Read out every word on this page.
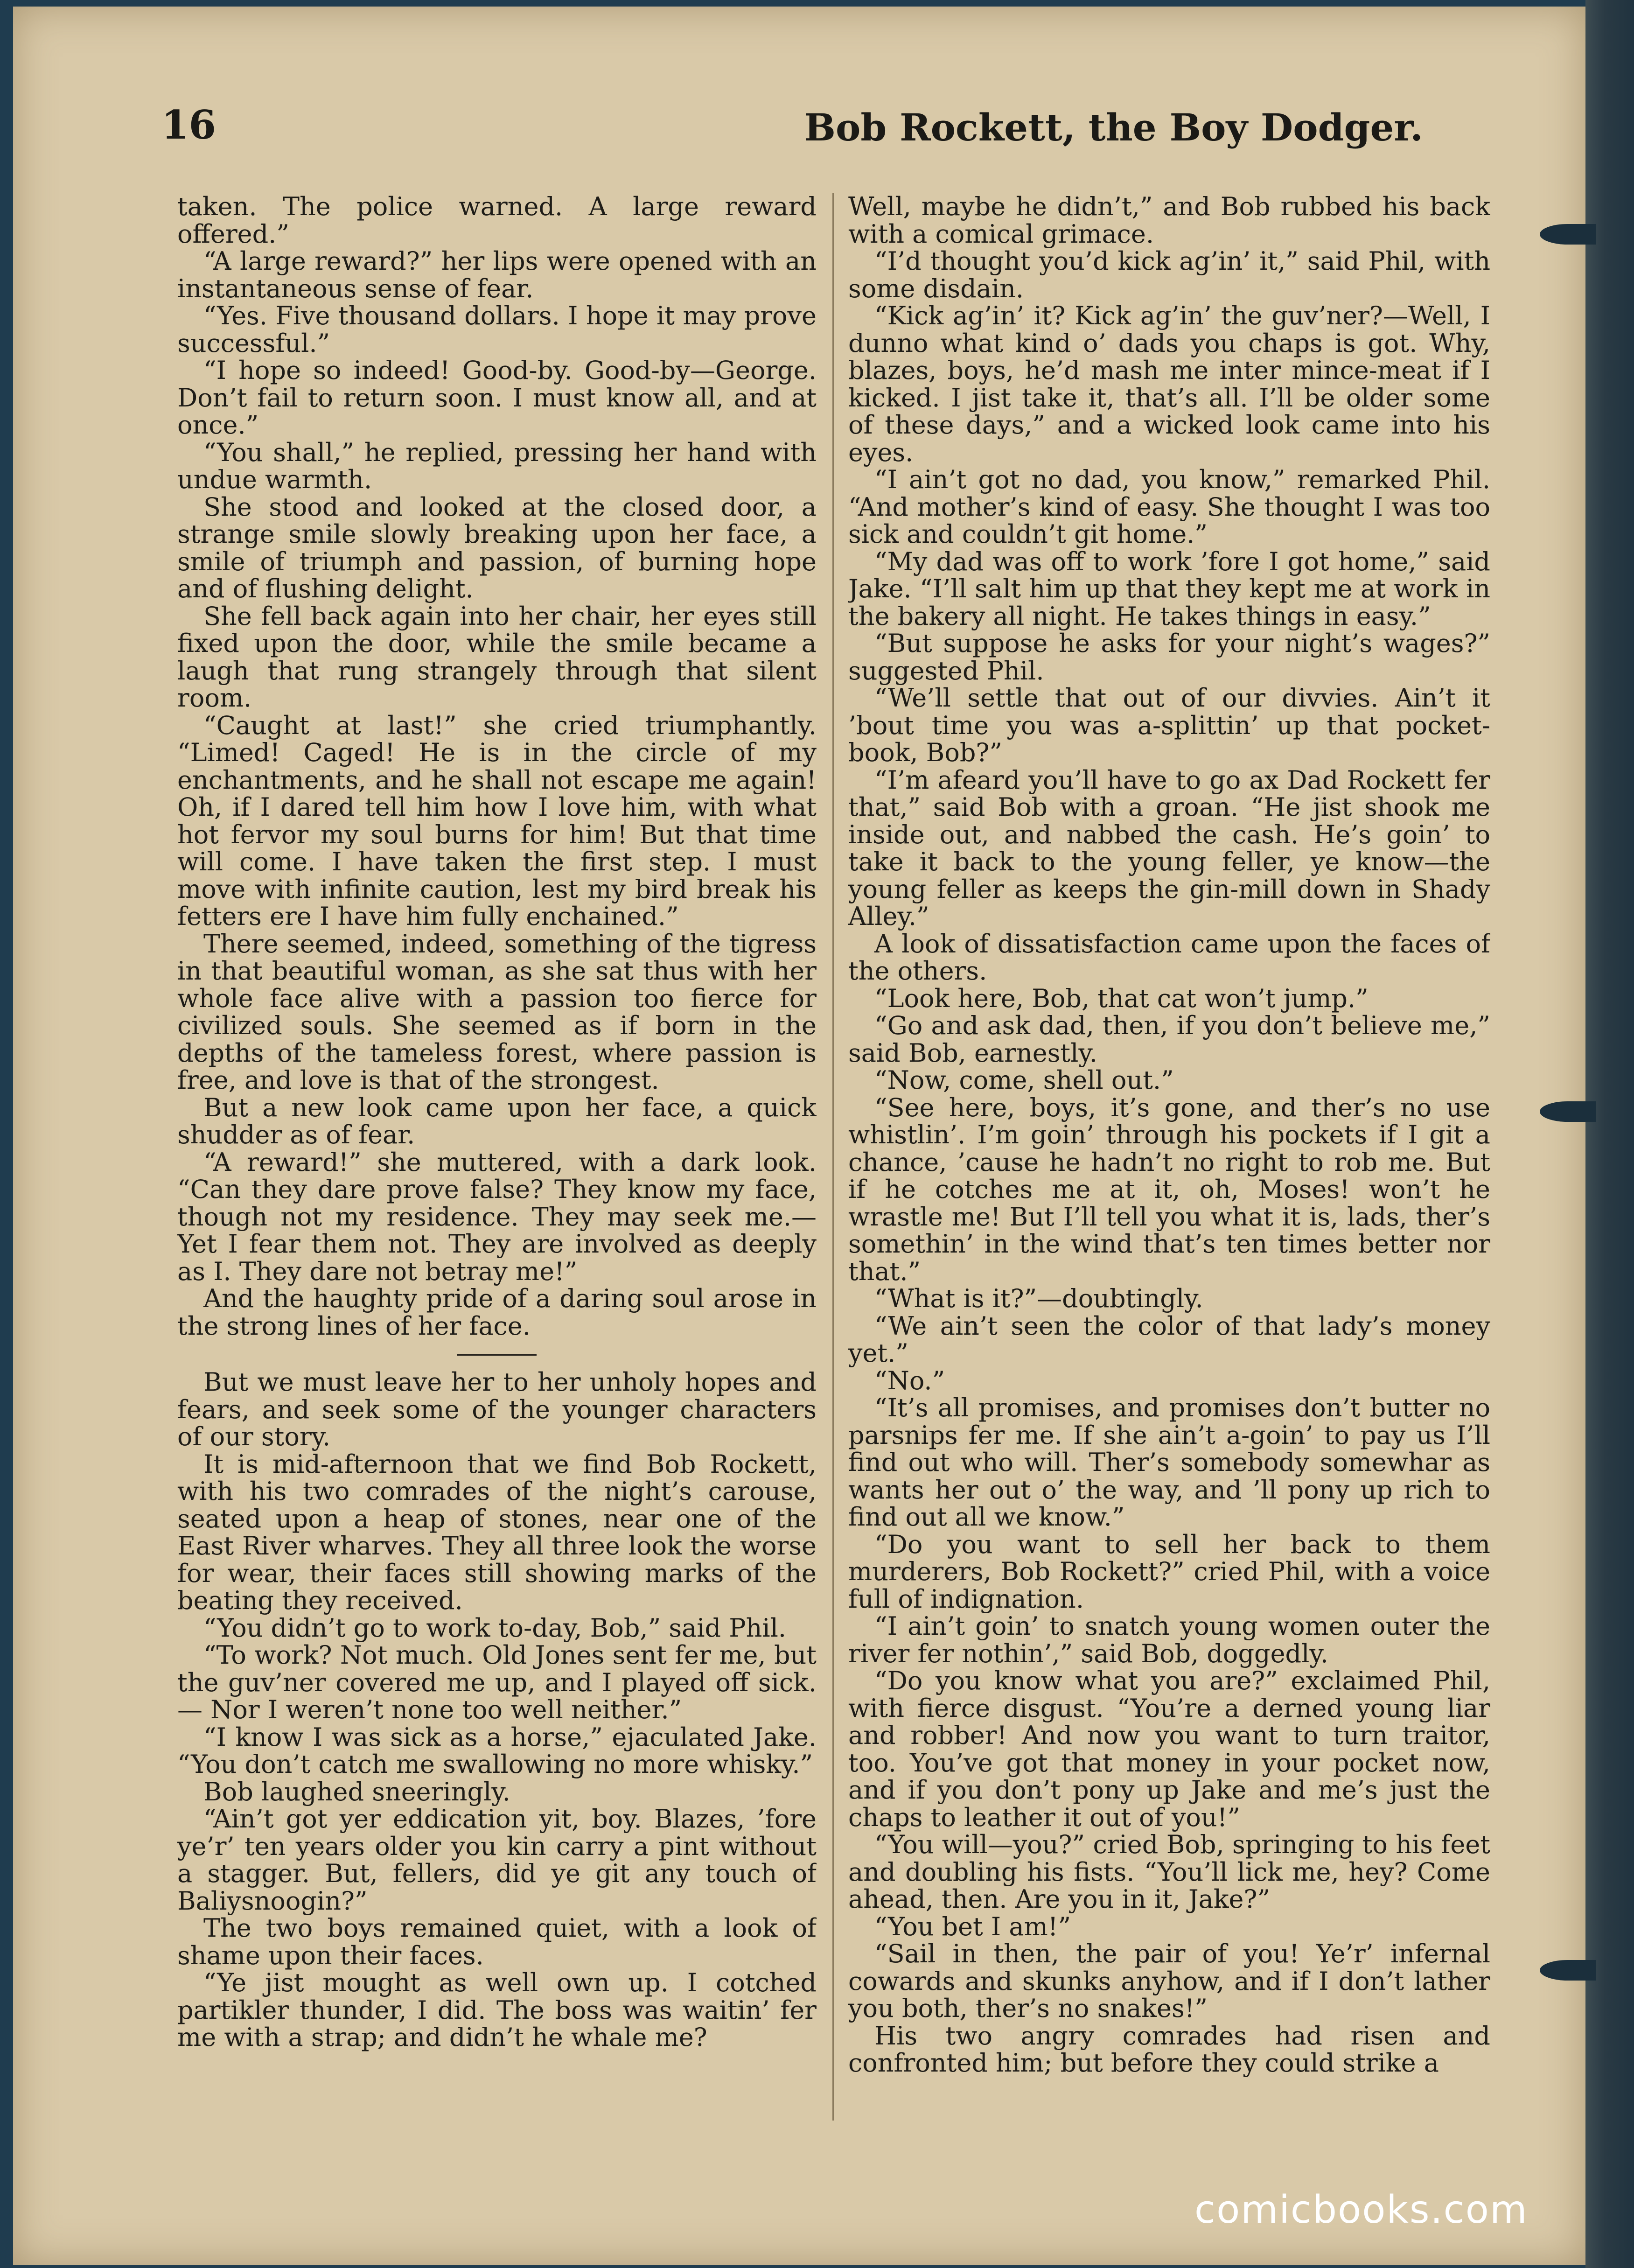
16	Bob Rockett, the Boy Dodger.

taken. The police warned. A large reward offered.”

“A large reward?” her lips were opened with an instantaneous sense of fear.

“Yes. Five thousand dollars. I hope it may prove successful.”

“I hope so indeed! Good-by. Good-by—George. Don’t fail to return soon. I must know all, and at once.”

“You shall,” he replied, pressing her hand with undue warmth.

She stood and looked at the closed door, a strange smile slowly breaking upon her face, a smile of triumph and passion, of burning hope and of flushing delight.

She fell back again into her chair, her eyes still fixed upon the door, while the smile became a laugh that rung strangely through that silent room.

“Caught at last!” she cried triumphantly. “Limed! Caged! He is in the circle of my enchantments, and he shall not escape me again! Oh, if I dared tell him how I love him, with what hot fervor my soul burns for him! But that time will come. I have taken the first step. I must move with infinite caution, lest my bird break his fetters ere I have him fully enchained.”

There seemed, indeed, something of the tigress in that beautiful woman, as she sat thus with her whole face alive with a passion too fierce for civilized souls. She seemed as if born in the depths of the tameless forest, where passion is free, and love is that of the strongest.

But a new look came upon her face, a quick shudder as of fear.

“A reward!” she muttered, with a dark look. “Can they dare prove false? They know my face, though not my residence. They may seek me.—Yet I fear them not. They are involved as deeply as I. They dare not betray me!”

And the haughty pride of a daring soul arose in the strong lines of her face.

But we must leave her to her unholy hopes and fears, and seek some of the younger characters of our story.

It is mid-afternoon that we find Bob Rockett, with his two comrades of the night’s carouse, seated upon a heap of stones, near one of the East River wharves. They all three look the worse for wear, their faces still showing marks of the beating they received.

“You didn’t go to work to-day, Bob,” said Phil.

“To work? Not much. Old Jones sent fer me, but the guv’ner covered me up, and I played off sick.— Nor I weren’t none too well neither.”

“I know I was sick as a horse,” ejaculated Jake. “You don’t catch me swallowing no more whisky.”

Bob laughed sneeringly.

“Ain’t got yer eddication yit, boy. Blazes, ’fore ye’r’ ten years older you kin carry a pint without a stagger. But, fellers, did ye git any touch of Baliysnoogin?”

The two boys remained quiet, with a look of shame upon their faces.

“Ye jist mought as well own up. I cotched partikler thunder, I did. The boss was waitin’ fer me with a strap; and didn’t he whale me?

Well, maybe he didn’t,” and Bob rubbed his back with a comical grimace.

“I’d thought you’d kick ag’in’ it,” said Phil, with some disdain.

“Kick ag’in’ it? Kick ag’in’ the guv’ner?—Well, I dunno what kind o’ dads you chaps is got. Why, blazes, boys, he’d mash me inter mince-meat if I kicked. I jist take it, that’s all. I’ll be older some of these days,” and a wicked look came into his eyes.

“I ain’t got no dad, you know,” remarked Phil. “And mother’s kind of easy. She thought I was too sick and couldn’t git home.”

“My dad was off to work ’fore I got home,” said Jake. “I’ll salt him up that they kept me at work in the bakery all night. He takes things in easy.”

“But suppose he asks for your night’s wages?” suggested Phil.

“We’ll settle that out of our divvies. Ain’t it ’bout time you was a-splittin’ up that pocket-book, Bob?”

“I’m afeard you’ll have to go ax Dad Rockett fer that,” said Bob with a groan. “He jist shook me inside out, and nabbed the cash. He’s goin’ to take it back to the young feller, ye know—the young feller as keeps the gin-mill down in Shady Alley.”

A look of dissatisfaction came upon the faces of the others.

“Look here, Bob, that cat won’t jump.”

“Go and ask dad, then, if you don’t believe me,” said Bob, earnestly.

“Now, come, shell out.”

“See here, boys, it’s gone, and ther’s no use whistlin’. I’m goin’ through his pockets if I git a chance, ’cause he hadn’t no right to rob me. But if he cotches me at it, oh, Moses! won’t he wrastle me! But I’ll tell you what it is, lads, ther’s somethin’ in the wind that’s ten times better nor that.”

“What is it?”—doubtingly.

“We ain’t seen the color of that lady’s money yet.”

“No.”

“It’s all promises, and promises don’t butter no parsnips fer me. If she ain’t a-goin’ to pay us I’ll find out who will. Ther’s somebody somewhar as wants her out o’ the way, and ’ll pony up rich to find out all we know.”

“Do you want to sell her back to them murderers, Bob Rockett?” cried Phil, with a voice full of indignation.

“I ain’t goin’ to snatch young women outer the river fer nothin’,” said Bob, doggedly.

“Do you know what you are?” exclaimed Phil, with fierce disgust. “You’re a derned young liar and robber! And now you want to turn traitor, too. You’ve got that money in your pocket now, and if you don’t pony up Jake and me’s just the chaps to leather it out of you!”

“You will—you?” cried Bob, springing to his feet and doubling his fists. “You’ll lick me, hey? Come ahead, then. Are you in it, Jake?”

“You bet I am!”

“Sail in then, the pair of you! Ye’r’ infernal cowards and skunks anyhow, and if I don’t lather you both, ther’s no snakes!”

His two angry comrades had risen and confronted him; but before they could strike a

comicbooks.com
